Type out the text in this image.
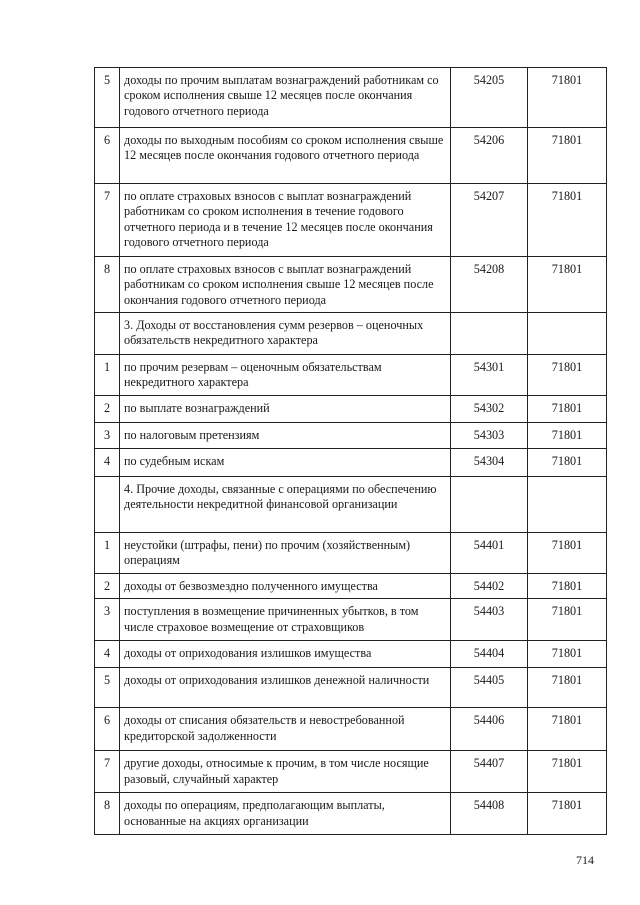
5	доходы по прочим выплатам вознаграждений работникам со сроком исполнения свыше 12 месяцев после окончания годового отчетного периода	54205	71801
6	доходы по выходным пособиям со сроком исполнения свыше 12 месяцев после окончания годового отчетного периода	54206	71801
7	по оплате страховых взносов с выплат вознаграждений работникам со сроком исполнения в течение годового отчетного периода и в течение 12 месяцев после окончания годового отчетного периода	54207	71801
8	по оплате страховых взносов с выплат вознаграждений работникам со сроком исполнения свыше 12 месяцев после окончания годового отчетного периода	54208	71801
	3. Доходы от восстановления сумм резервов – оценочных обязательств некредитного характера		
1	по прочим резервам – оценочным обязательствам некредитного характера	54301	71801
2	по выплате вознаграждений	54302	71801
3	по налоговым претензиям	54303	71801
4	по судебным искам	54304	71801
	4. Прочие доходы, связанные с операциями по обеспечению деятельности некредитной финансовой организации		
1	неустойки (штрафы, пени) по прочим (хозяйственным) операциям	54401	71801
2	доходы от безвозмездно полученного имущества	54402	71801
3	поступления в возмещение причиненных убытков, в том числе страховое возмещение от страховщиков	54403	71801
4	доходы от оприходования излишков имущества	54404	71801
5	доходы от оприходования излишков денежной наличности	54405	71801
6	доходы от списания обязательств и невостребованной кредиторской задолженности	54406	71801
7	другие доходы, относимые к прочим, в том числе носящие разовый, случайный характер	54407	71801
8	доходы по операциям, предполагающим выплаты, основанные на акциях организации	54408	71801
714
